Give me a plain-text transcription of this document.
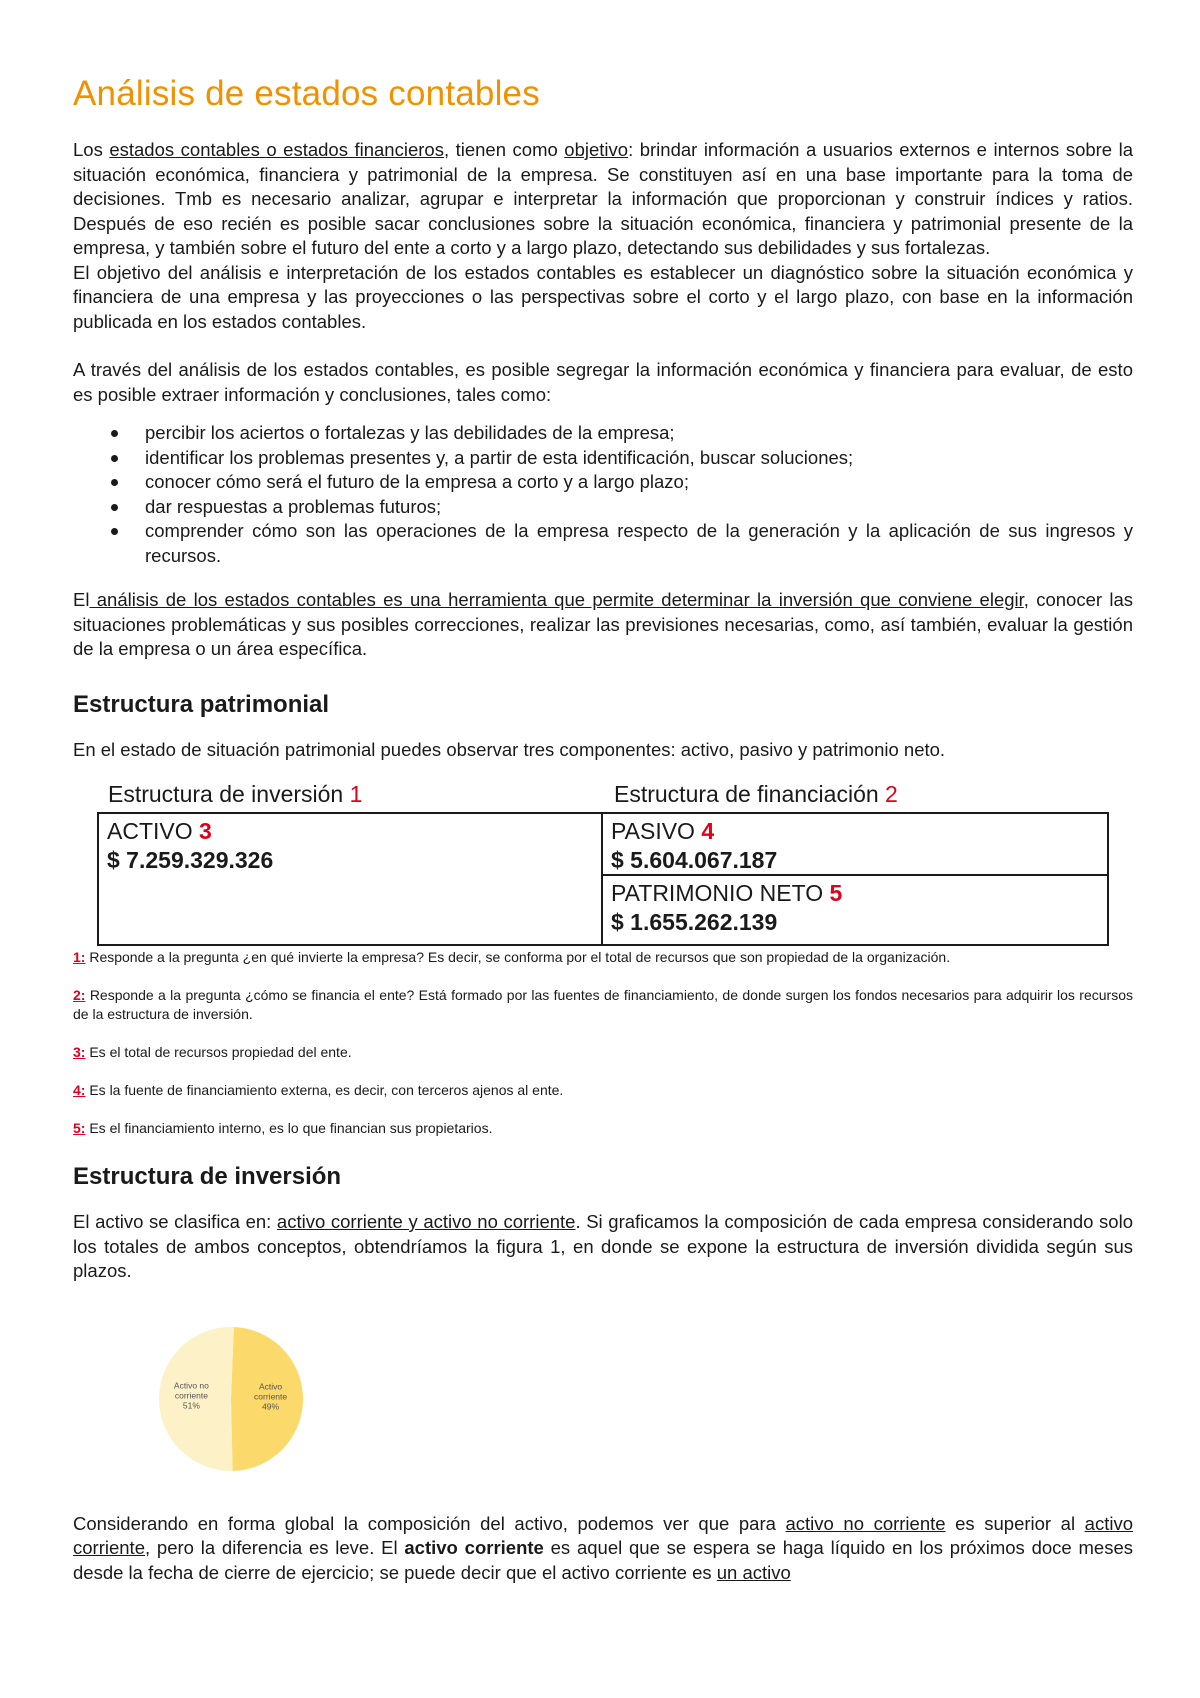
Análisis de estados contables

Los estados contables o estados financieros, tienen como objetivo: brindar información a usuarios externos e internos sobre la situación económica, financiera y patrimonial de la empresa. Se constituyen así en una base importante para la toma de decisiones. Tmb es necesario analizar, agrupar e interpretar la información que proporcionan y construir índices y ratios. Después de eso recién es posible sacar conclusiones sobre la situación económica, financiera y patrimonial presente de la empresa, y también sobre el futuro del ente a corto y a largo plazo, detectando sus debilidades y sus fortalezas.

El objetivo del análisis e interpretación de los estados contables es establecer un diagnóstico sobre la situación económica y financiera de una empresa y las proyecciones o las perspectivas sobre el corto y el largo plazo, con base en la información publicada en los estados contables.

A través del análisis de los estados contables, es posible segregar la información económica y financiera para evaluar, de esto es posible extraer información y conclusiones, tales como:

percibir los aciertos o fortalezas y las debilidades de la empresa;
identificar los problemas presentes y, a partir de esta identificación, buscar soluciones;
conocer cómo será el futuro de la empresa a corto y a largo plazo;
dar respuestas a problemas futuros;
comprender cómo son las operaciones de la empresa respecto de la generación y la aplicación de sus ingresos y recursos.

El análisis de los estados contables es una herramienta que permite determinar la inversión que conviene elegir, conocer las situaciones problemáticas y sus posibles correcciones, realizar las previsiones necesarias, como, así también, evaluar la gestión de la empresa o un área específica.

Estructura patrimonial

En el estado de situación patrimonial puedes observar tres componentes: activo, pasivo y patrimonio neto.

Estructura de inversión 1	Estructura de financiación 2
ACTIVO 3
$ 7.259.329.326
PASIVO 4
$ 5.604.067.187
PATRIMONIO NETO 5
$ 1.655.262.139

1: Responde a la pregunta ¿en qué invierte la empresa? Es decir, se conforma por el total de recursos que son propiedad de la organización.

2: Responde a la pregunta ¿cómo se financia el ente? Está formado por las fuentes de financiamiento, de donde surgen los fondos necesarios para adquirir los recursos de la estructura de inversión.

3: Es el total de recursos propiedad del ente.

4: Es la fuente de financiamiento externa, es decir, con terceros ajenos al ente.

5: Es el financiamiento interno, es lo que financian sus propietarios.

Estructura de inversión

El activo se clasifica en: activo corriente y activo no corriente. Si graficamos la composición de cada empresa considerando solo los totales de ambos conceptos, obtendríamos la figura 1, en donde se expone la estructura de inversión dividida según sus plazos.

Activo
corriente
49%
Activo no
corriente
51%

Considerando en forma global la composición del activo, podemos ver que para activo no corriente es superior al activo corriente, pero la diferencia es leve. El activo corriente es aquel que se espera se haga líquido en los próximos doce meses desde la fecha de cierre de ejercicio; se puede decir que el activo corriente es un activo
